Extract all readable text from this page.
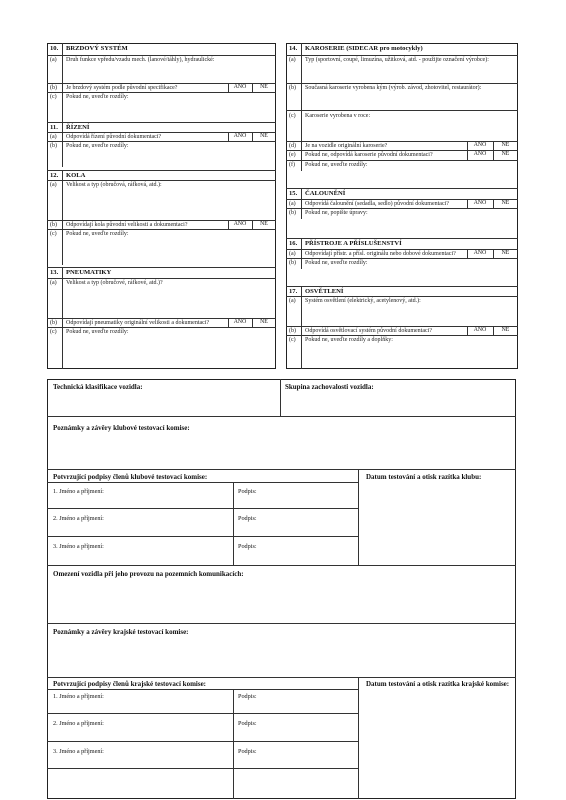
10. BRZDOVÝ SYSTÉM
(a) Druh funkce vpředu/vzadu mech. (lanové/táhly), hydraulické:
(b) Je brzdový systém podle původní specifikace?	ANO	NE
(c) Pokud ne, uveďte rozdíly:
11. ŘÍZENÍ
(a) Odpovídá řízení původní dokumentaci?	ANO	NE
(b) Pokud ne, uveďte rozdíly:
12. KOLA
(a) Velikost a typ (obručová, ráfková, atd.):
(b) Odpovídají kola původní velikosti a dokumentaci?	ANO	NE
(c) Pokud ne, uveďte rozdíly:
13. PNEUMATIKY
(a) Velikost a typ (obručové, ráfkové, atd.)?
(b) Odpovídají pneumatiky originální velikosti a dokumentaci?	ANO	NE
(c) Pokud ne, uveďte rozdíly:
14. KAROSERIE (SIDECAR pro motocykly)
(a) Typ (sportovní, coupé, limuzína, užitková, atd. - použijte označení výrobce):
(b) Současná karoserie vyrobena kým (výrob. závod, zhotovitel, restaurátor):
(c) Karoserie vyrobena v roce:
(d) Je na vozidle originální karoserie?	ANO	NE
(e) Pokud ne, odpovídá karoserie původní dokumentaci?	ANO	NE
(f) Pokud ne, uveďte rozdíly:
15. ČALOUNĚNÍ
(a) Odpovídá čalounění (sedadla, sedlo) původní dokumentaci?	ANO	NE
(b) Pokud ne, popište úpravy:
16. PŘÍSTROJE A PŘÍSLUŠENSTVÍ
(a) Odpovídají přístr. a přísl. originálu nebo dobové dokumentaci?	ANO	NE
(b) Pokud ne, uveďte rozdíly:
17. OSVĚTLENÍ
(a) Systém osvětlení (elektrický, acetylenový, atd.):
(b) Odpovídá osvětlovací systém původní dokumentaci?	ANO	NE
(c) Pokud ne, uveďte rozdíly a doplňky:
Technická klasifikace vozidla:	Skupina zachovalosti vozidla:
Poznámky a závěry klubové testovací komise:
Potvrzující podpisy členů klubové testovací komise:	Datum testování a otisk razítka klubu:
1. Jméno a příjmení:	Podpis:
2. Jméno a příjmení:	Podpis:
3. Jméno a příjmení:	Podpis:
Omezení vozidla při jeho provozu na pozemních komunikacích:
Poznámky a závěry krajské testovací komise:
Potvrzující podpisy členů krajské testovací komise:	Datum testování a otisk razítka krajské komise:
1. Jméno a příjmení:	Podpis:
2. Jméno a příjmení:	Podpis:
3. Jméno a příjmení:	Podpis:
